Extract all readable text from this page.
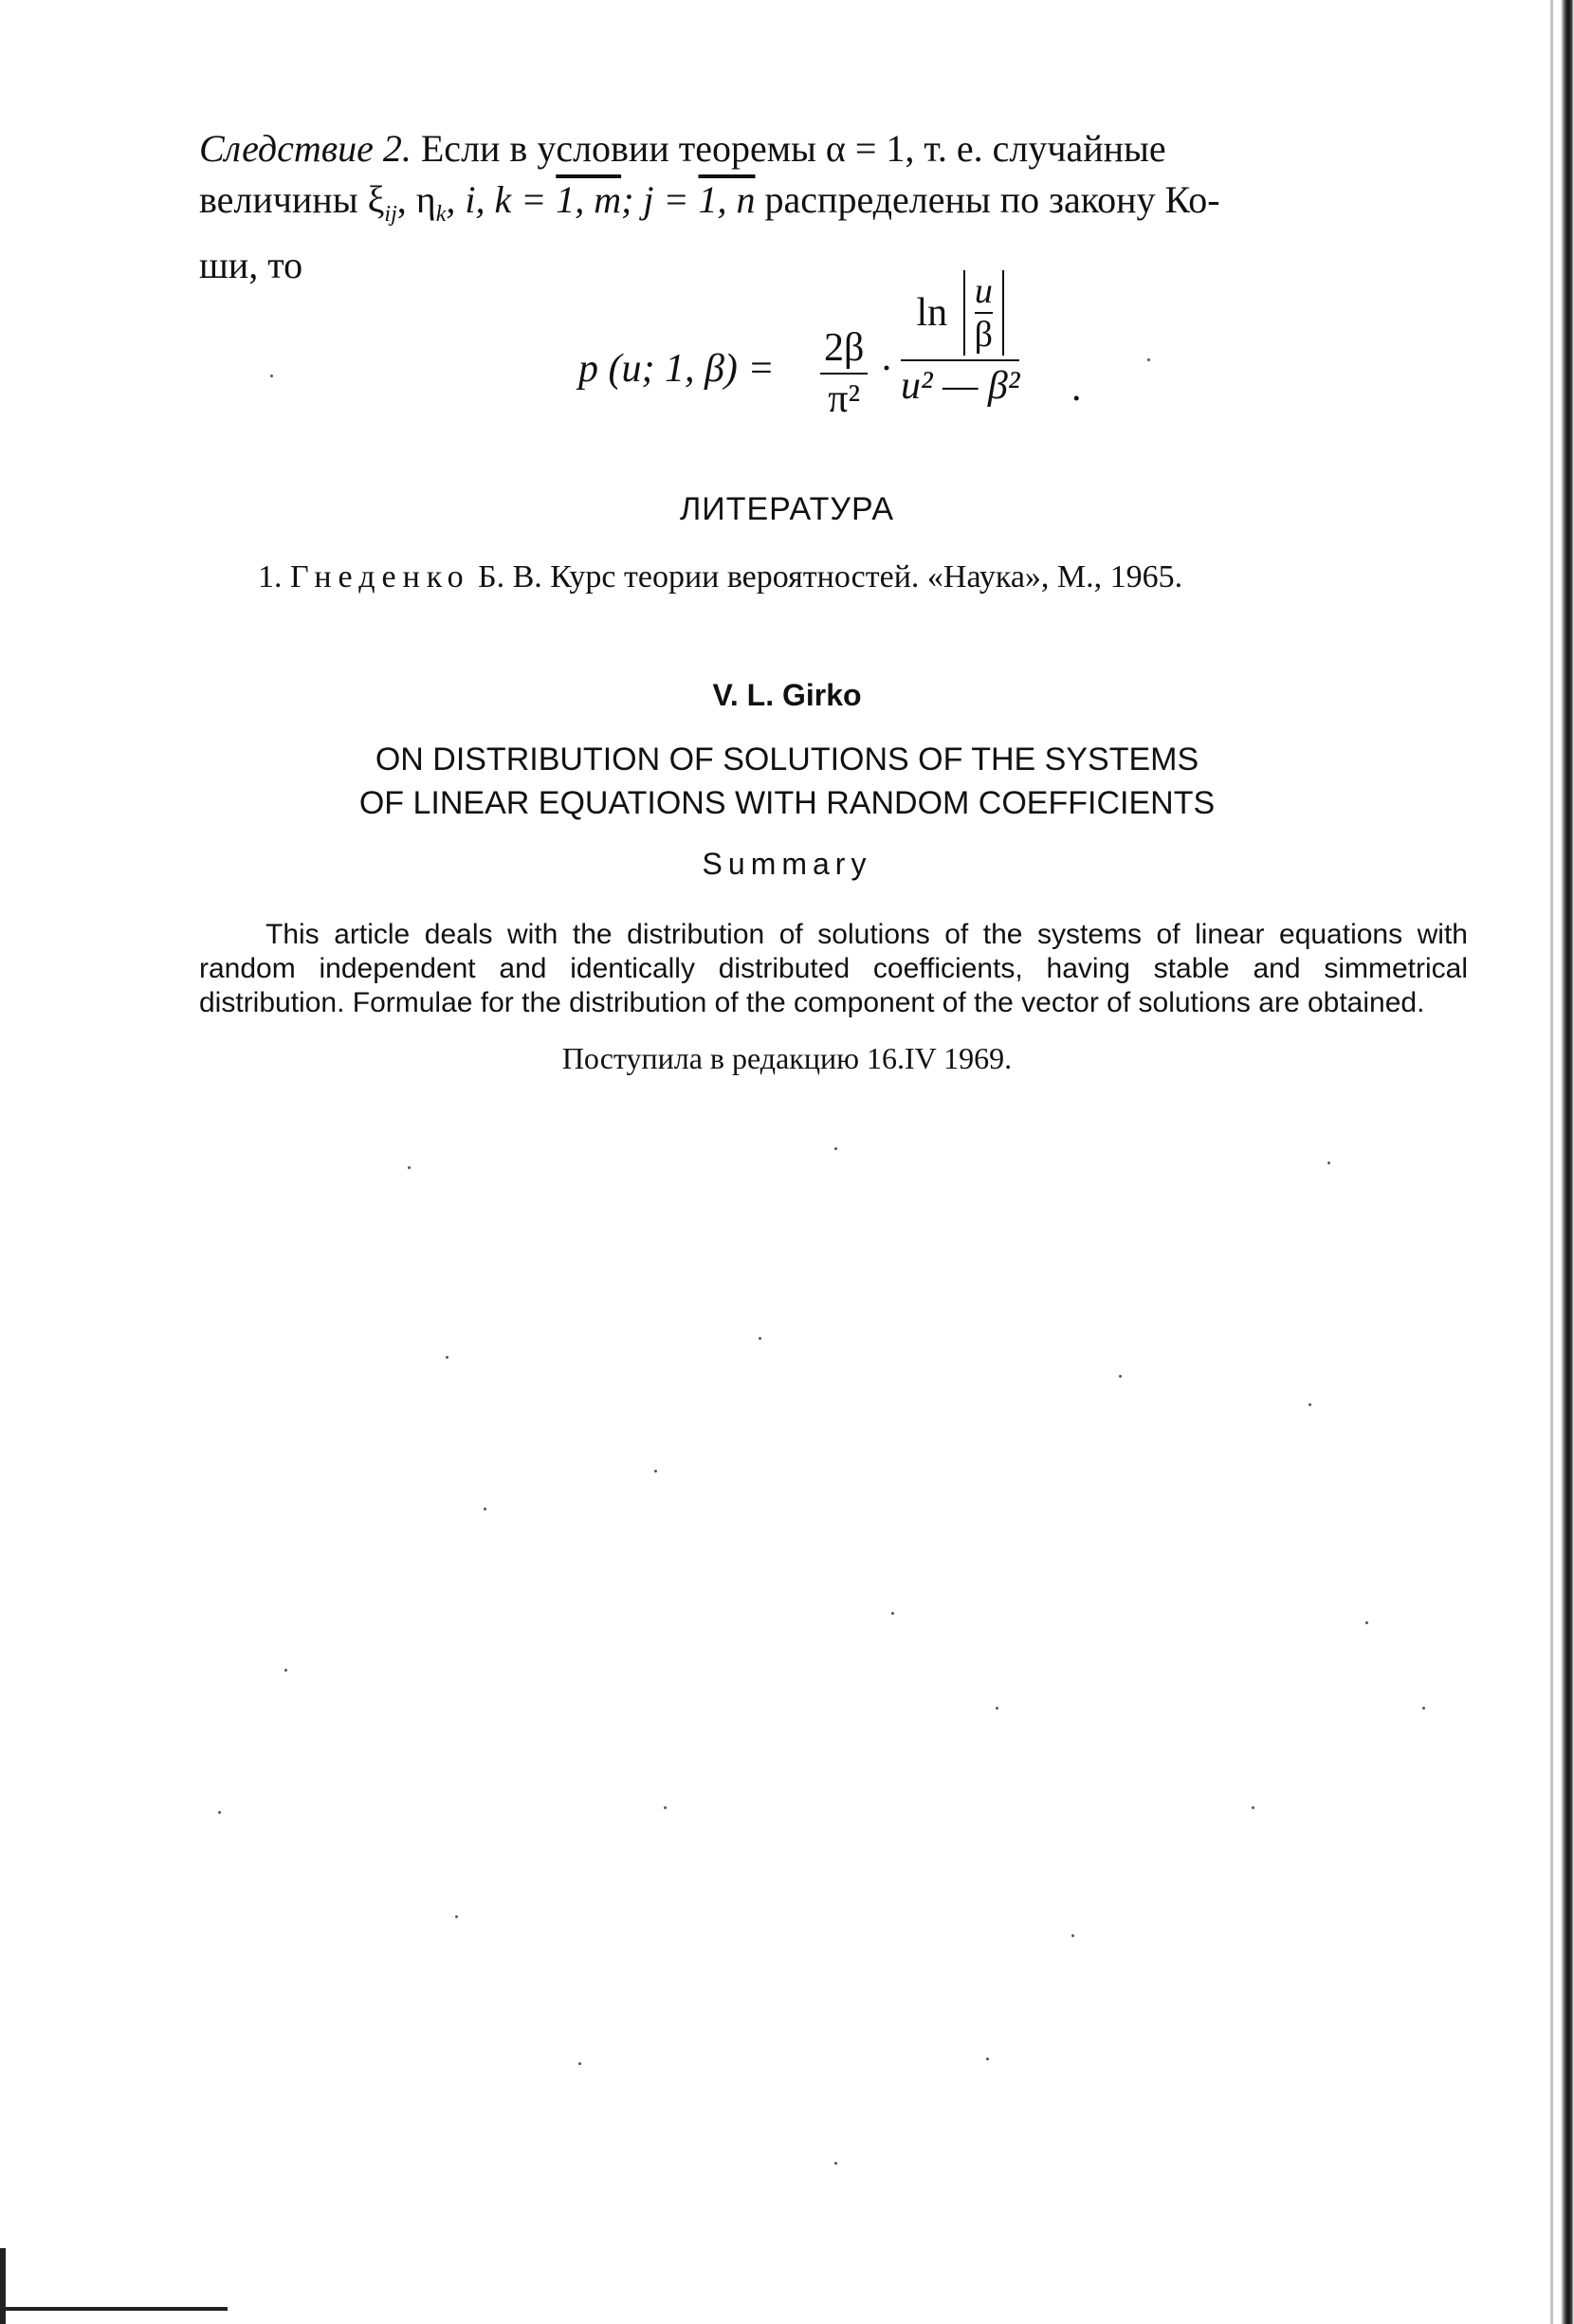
Следствие 2. Если в условии теоремы α = 1, т. е. случайные
величины $\xi_{ij}$, $\eta_k$, i, k = 1, m; j = 1, n распределены по закону Ко-
ши, то
p (u; 1, $\beta) = \frac{2\beta}{\text{π²}} \cdot \frac{\ln \frac{u}{\beta}}{\text{u² — β²}}$ .
ЛИТЕРАТУРА
1. Гнеденко Б. В. Курс теории вероятностей. «Наука», М., 1965.
V. L. Girko
ON DISTRIBUTION OF SOLUTIONS OF THE SYSTEMS
OF LINEAR EQUATIONS WITH RANDOM COEFFICIENTS
Summary
This article deals with the distribution of solutions of the systems of linear equations with random independent and identically distributed coefficients, having stable and simmetrical distribution. Formulae for the distribution of the component of the vector of solutions are obtained.
Поступила в редакцию 16.IV 1969.
